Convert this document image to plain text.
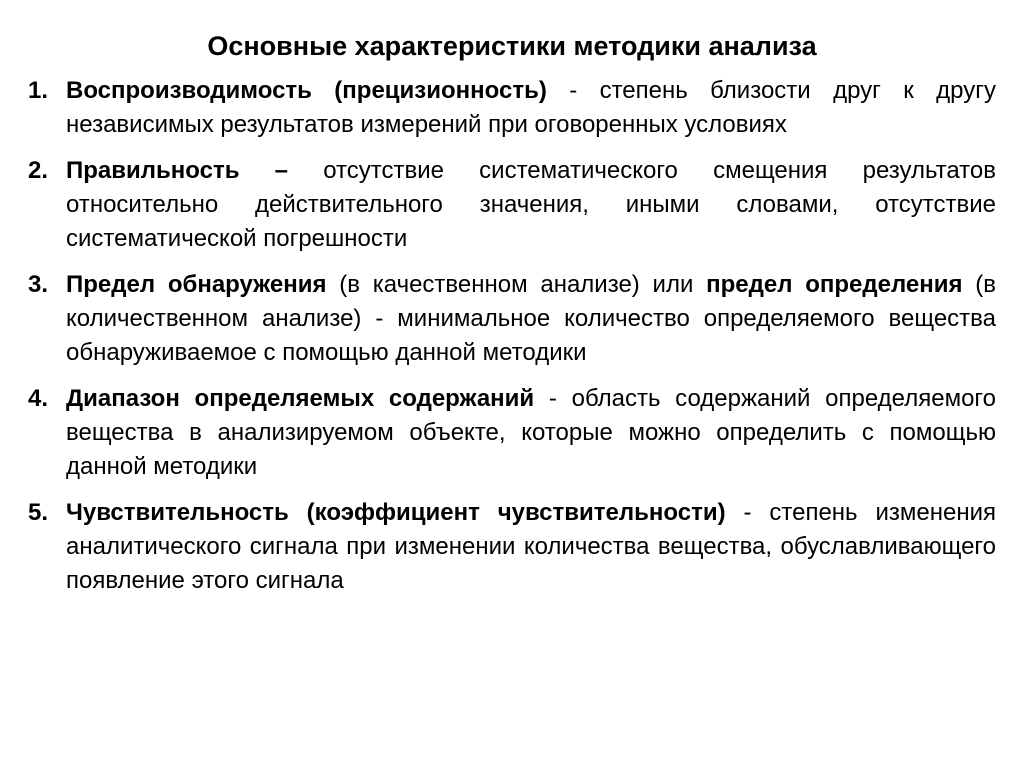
Основные характеристики методики анализа
1. Воспроизводимость (прецизионность) - степень близости друг к другу независимых результатов измерений при оговоренных условиях
2. Правильность – отсутствие систематического смещения результатов относительно действительного значения, иными словами, отсутствие систематической погрешности
3. Предел обнаружения (в качественном анализе) или предел определения (в количественном анализе) - минимальное количество определяемого вещества обнаруживаемое с помощью данной методики
4. Диапазон определяемых содержаний - область содержаний определяемого вещества в анализируемом объекте, которые можно определить с помощью данной методики
5. Чувствительность (коэффициент чувствительности) - степень изменения аналитического сигнала при изменении количества вещества, обуславливающего появление этого сигнала
